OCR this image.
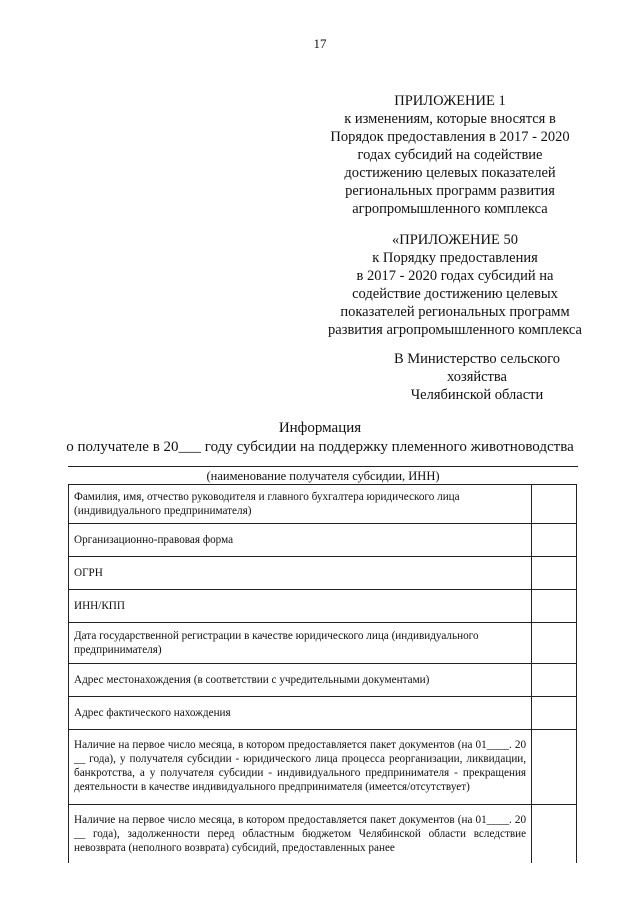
17
ПРИЛОЖЕНИЕ 1
к изменениям, которые вносятся в
Порядок предоставления в 2017 - 2020
годах субсидий на содействие
достижению целевых показателей
региональных программ развития
агропромышленного комплекса
«ПРИЛОЖЕНИЕ 50
к Порядку предоставления
в 2017 - 2020 годах субсидий на
содействие достижению целевых
показателей региональных программ
развития агропромышленного комплекса
В Министерство сельского
хозяйства
Челябинской области
Информация
о получателе в 20___ году субсидии на поддержку племенного животноводства
(наименование получателя субсидии, ИНН)
Фамилия, имя, отчество руководителя и главного бухгалтера юридического лица (индивидуального предпринимателя)	
Организационно-правовая форма	
ОГРН	
ИНН/КПП	
Дата государственной регистрации в качестве юридического лица (индивидуального предпринимателя)	
Адрес местонахождения (в соответствии с учредительными документами)	
Адрес фактического нахождения	
Наличие на первое число месяца, в котором предоставляется пакет документов (на 01____. 20 __ года), у получателя субсидии - юридического лица процесса реорганизации, ликвидации, банкротства, а у получателя субсидии - индивидуального предпринимателя - прекращения деятельности в качестве индивидуального предпринимателя (имеется/отсутствует)	
Наличие на первое число месяца, в котором предоставляется пакет документов (на 01____. 20 __ года), задолженности перед областным бюджетом Челябинской области вследствие невозврата (неполного возврата) субсидий, предоставленных ранее	
